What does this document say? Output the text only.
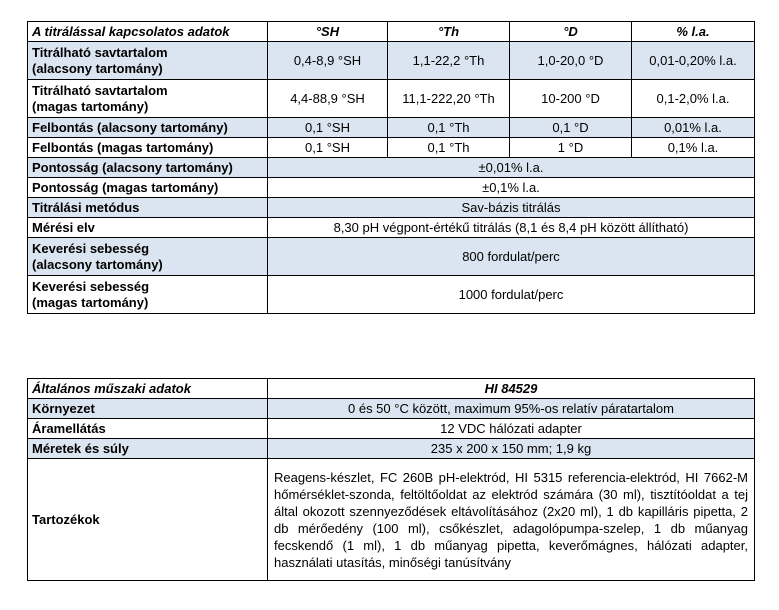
A titrálással kapcsolatos adatok	°SH	°Th	°D	% l.a.
Titrálható savtartalom
(alacsony tartomány)	0,4-8,9 °SH	1,1-22,2 °Th	1,0-20,0 °D	0,01-0,20% l.a.
Titrálható savtartalom
(magas tartomány)	4,4-88,9 °SH	11,1-222,20 °Th	10-200 °D	0,1-2,0% l.a.
Felbontás (alacsony tartomány)	0,1 °SH	0,1 °Th	0,1 °D	0,01% l.a.
Felbontás (magas tartomány)	0,1 °SH	0,1 °Th	1 °D	0,1% l.a.
Pontosság (alacsony tartomány)	±0,01% l.a.			
Pontosság (magas tartomány)	±0,1% l.a.			
Titrálási metódus	Sav-bázis titrálás			
Mérési elv	8,30 pH végpont-értékű titrálás (8,1 és 8,4 pH között állítható)			
Keverési sebesség
(alacsony tartomány)	800 fordulat/perc			
Keverési sebesség
(magas tartomány)	1000 fordulat/perc			
Általános műszaki adatok	HI 84529
Környezet	0 és 50 °C között, maximum 95%-os relatív páratartalom
Áramellátás	12 VDC hálózati adapter
Méretek és súly	235 x 200 x 150 mm; 1,9 kg
Tartozékok	Reagens-készlet, FC 260B pH-elektród, HI 5315 referencia-elektród, HI 7662-M hőmérséklet-szonda, feltöltőoldat az elektród számára (30 ml), tisztítóoldat a tej által okozott szennyeződések eltávolításához (2x20 ml), 1 db kapilláris pipetta, 2 db mérőedény (100 ml), csőkészlet, adagolópumpa-szelep, 1 db műanyag fecskendő (1 ml), 1 db műanyag pipetta, keverőmágnes, hálózati adapter, használati utasítás, minőségi tanúsítvány
